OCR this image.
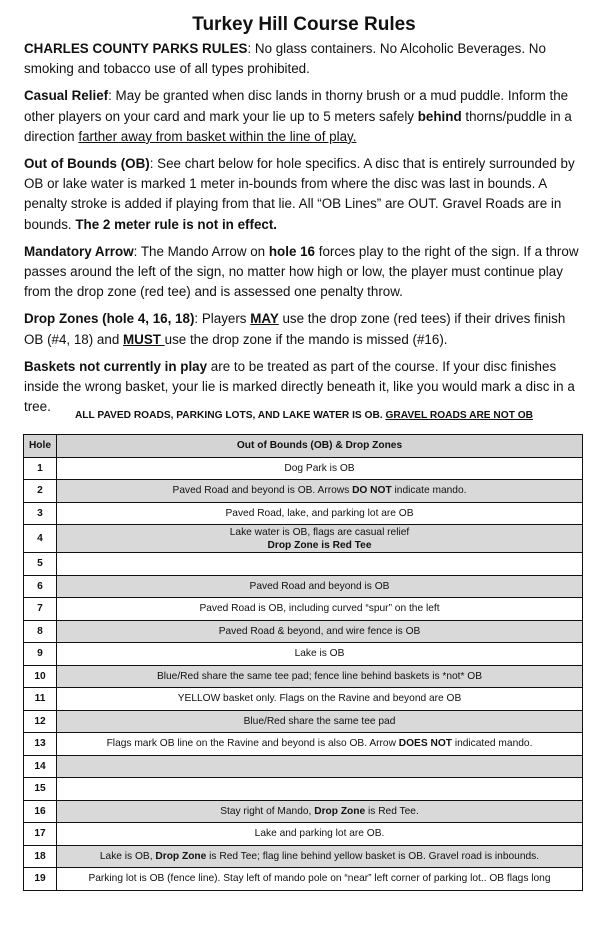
Turkey Hill Course Rules

CHARLES COUNTY PARKS RULES: No glass containers. No Alcoholic Beverages. No smoking and tobacco use of all types prohibited.

Casual Relief: May be granted when disc lands in thorny brush or a mud puddle. Inform the other players on your card and mark your lie up to 5 meters safely behind thorns/puddle in a direction farther away from basket within the line of play.

Out of Bounds (OB): See chart below for hole specifics. A disc that is entirely surrounded by OB or lake water is marked 1 meter in-bounds from where the disc was last in bounds. A penalty stroke is added if playing from that lie. All “OB Lines” are OUT. Gravel Roads are in bounds. The 2 meter rule is not in effect.

Mandatory Arrow: The Mando Arrow on hole 16 forces play to the right of the sign. If a throw passes around the left of the sign, no matter how high or low, the player must continue play from the drop zone (red tee) and is assessed one penalty throw.

Drop Zones (hole 4, 16, 18): Players MAY use the drop zone (red tees) if their drives finish OB (#4, 18) and MUST use the drop zone if the mando is missed (#16).

Baskets not currently in play are to be treated as part of the course. If your disc finishes inside the wrong basket, your lie is marked directly beneath it, like you would mark a disc in a tree.

ALL PAVED ROADS, PARKING LOTS, AND LAKE WATER IS OB. GRAVEL ROADS ARE NOT OB
Hole	Out of Bounds (OB) & Drop Zones
1	Dog Park is OB
2	Paved Road and beyond is OB. Arrows DO NOT indicate mando.
3	Paved Road, lake, and parking lot are OB
4	Lake water is OB, flags are casual relief
Drop Zone is Red Tee
5	
6	Paved Road and beyond is OB
7	Paved Road is OB, including curved “spur” on the left
8	Paved Road & beyond, and wire fence is OB
9	Lake is OB
10	Blue/Red share the same tee pad; fence line behind baskets is *not* OB
11	YELLOW basket only. Flags on the Ravine and beyond are OB
12	Blue/Red share the same tee pad
13	Flags mark OB line on the Ravine and beyond is also OB. Arrow DOES NOT indicated mando.
14	
15	
16	Stay right of Mando, Drop Zone is Red Tee.
17	Lake and parking lot are OB.
18	Lake is OB, Drop Zone is Red Tee; flag line behind yellow basket is OB. Gravel road is inbounds.
19	Parking lot is OB (fence line). Stay left of mando pole on “near” left corner of parking lot.. OB flags long
